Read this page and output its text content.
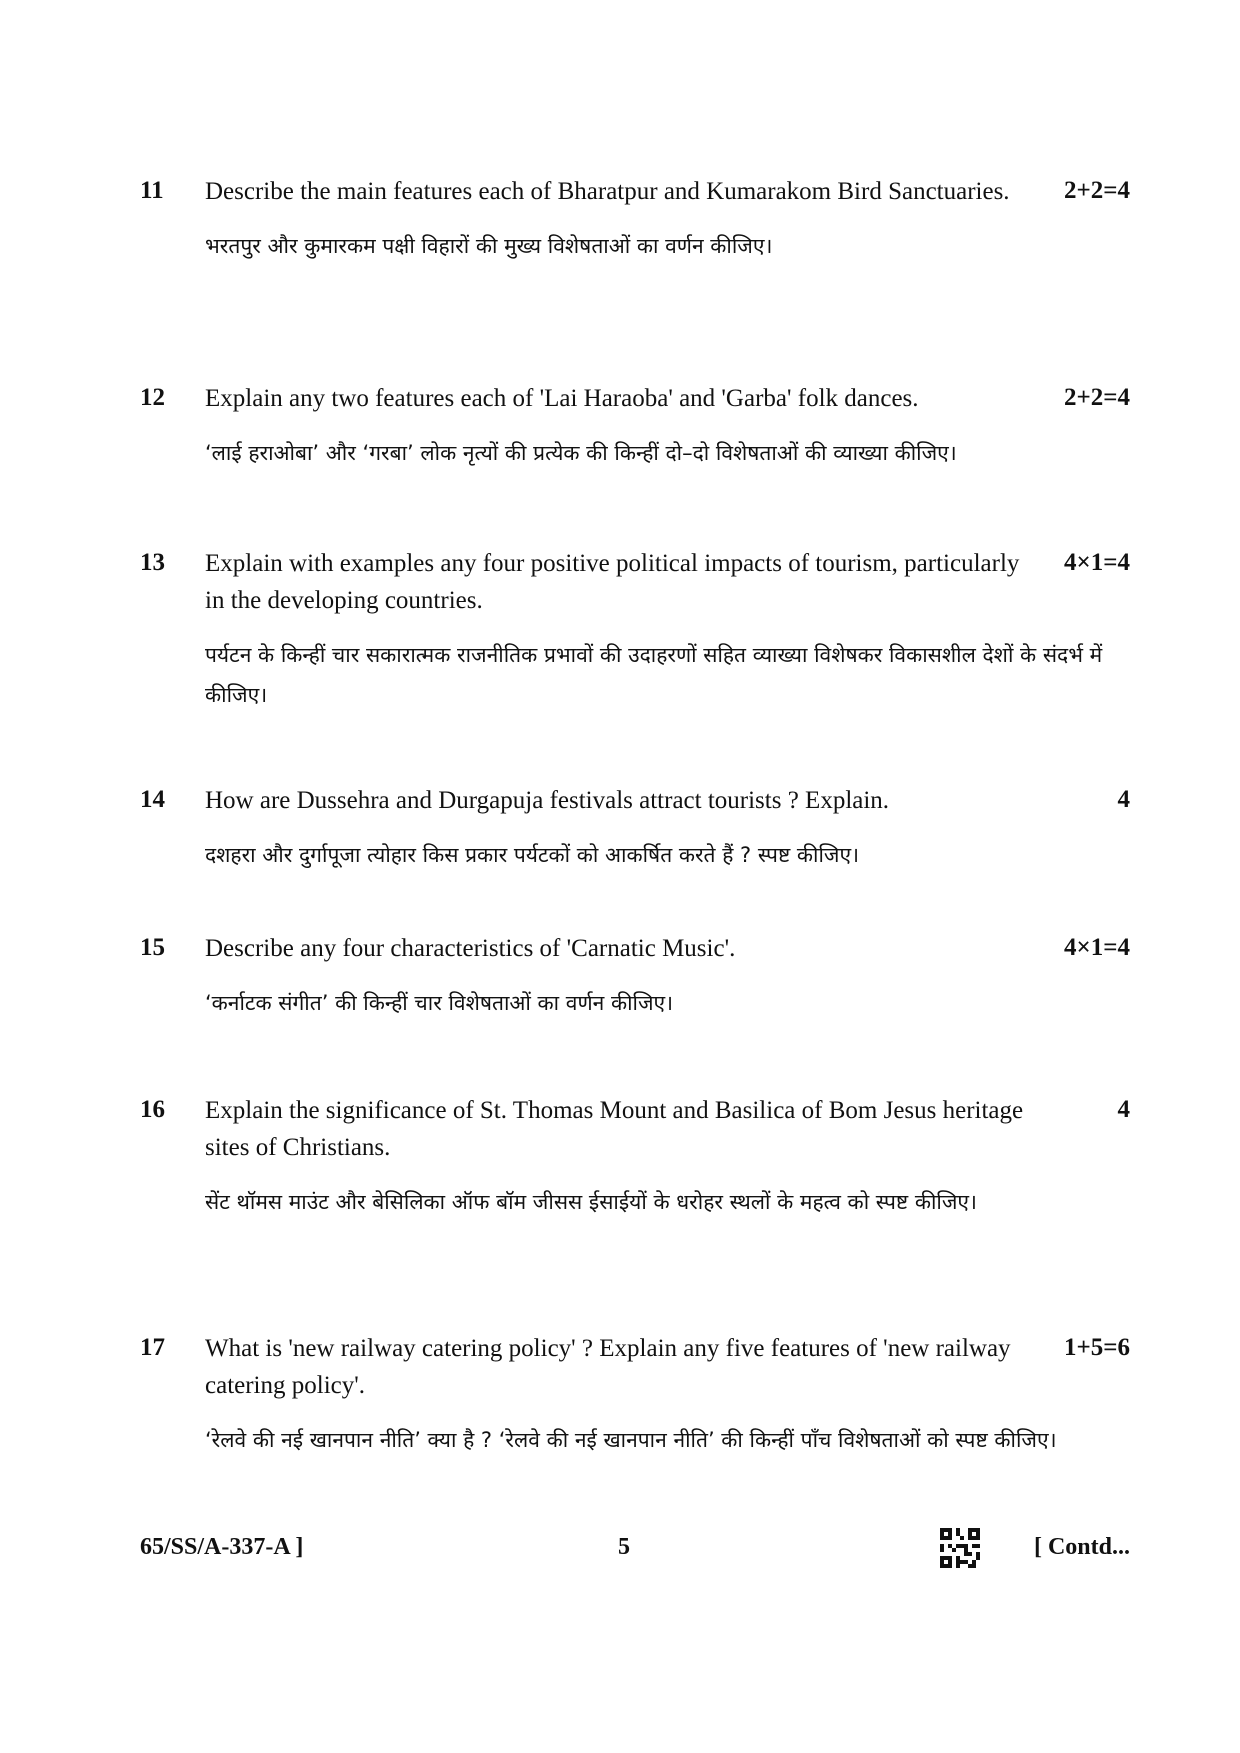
11	Describe the main features each of Bharatpur and Kumarakom Bird Sanctuaries.

भरतपुर और कुमारकम पक्षी विहारों की मुख्य विशेषताओं का वर्णन कीजिए।

2+2=4
12	Explain any two features each of 'Lai Haraoba' and 'Garba' folk dances.

‘लाई हराओबा’ और ‘गरबा’ लोक नृत्यों की प्रत्येक की किन्हीं दो–दो विशेषताओं की व्याख्या कीजिए।

2+2=4
13	Explain with examples any four positive political impacts of tourism, particularly in the developing countries.

पर्यटन के किन्हीं चार सकारात्मक राजनीतिक प्रभावों की उदाहरणों सहित व्याख्या विशेषकर विकासशील देशों के संदर्भ में कीजिए।

4×1=4
14	How are Dussehra and Durgapuja festivals attract tourists ? Explain.

दशहरा और दुर्गापूजा त्योहार किस प्रकार पर्यटकों को आकर्षित करते हैं ? स्पष्ट कीजिए।

4
15	Describe any four characteristics of 'Carnatic Music'.

‘कर्नाटक संगीत’ की किन्हीं चार विशेषताओं का वर्णन कीजिए।

4×1=4
16	Explain the significance of St. Thomas Mount and Basilica of Bom Jesus heritage sites of Christians.

सेंट थॉमस माउंट और बेसिलिका ऑफ बॉम जीसस ईसाईयों के धरोहर स्थलों के महत्व को स्पष्ट कीजिए।

4
17	What is 'new railway catering policy' ? Explain any five features of 'new railway catering policy'.

‘रेलवे की नई खानपान नीति’ क्या है ? ‘रेलवे की नई खानपान नीति’ की किन्हीं पाँच विशेषताओं को स्पष्ट कीजिए।

1+5=6
65/SS/A-337-A ]	5	[ Contd...
